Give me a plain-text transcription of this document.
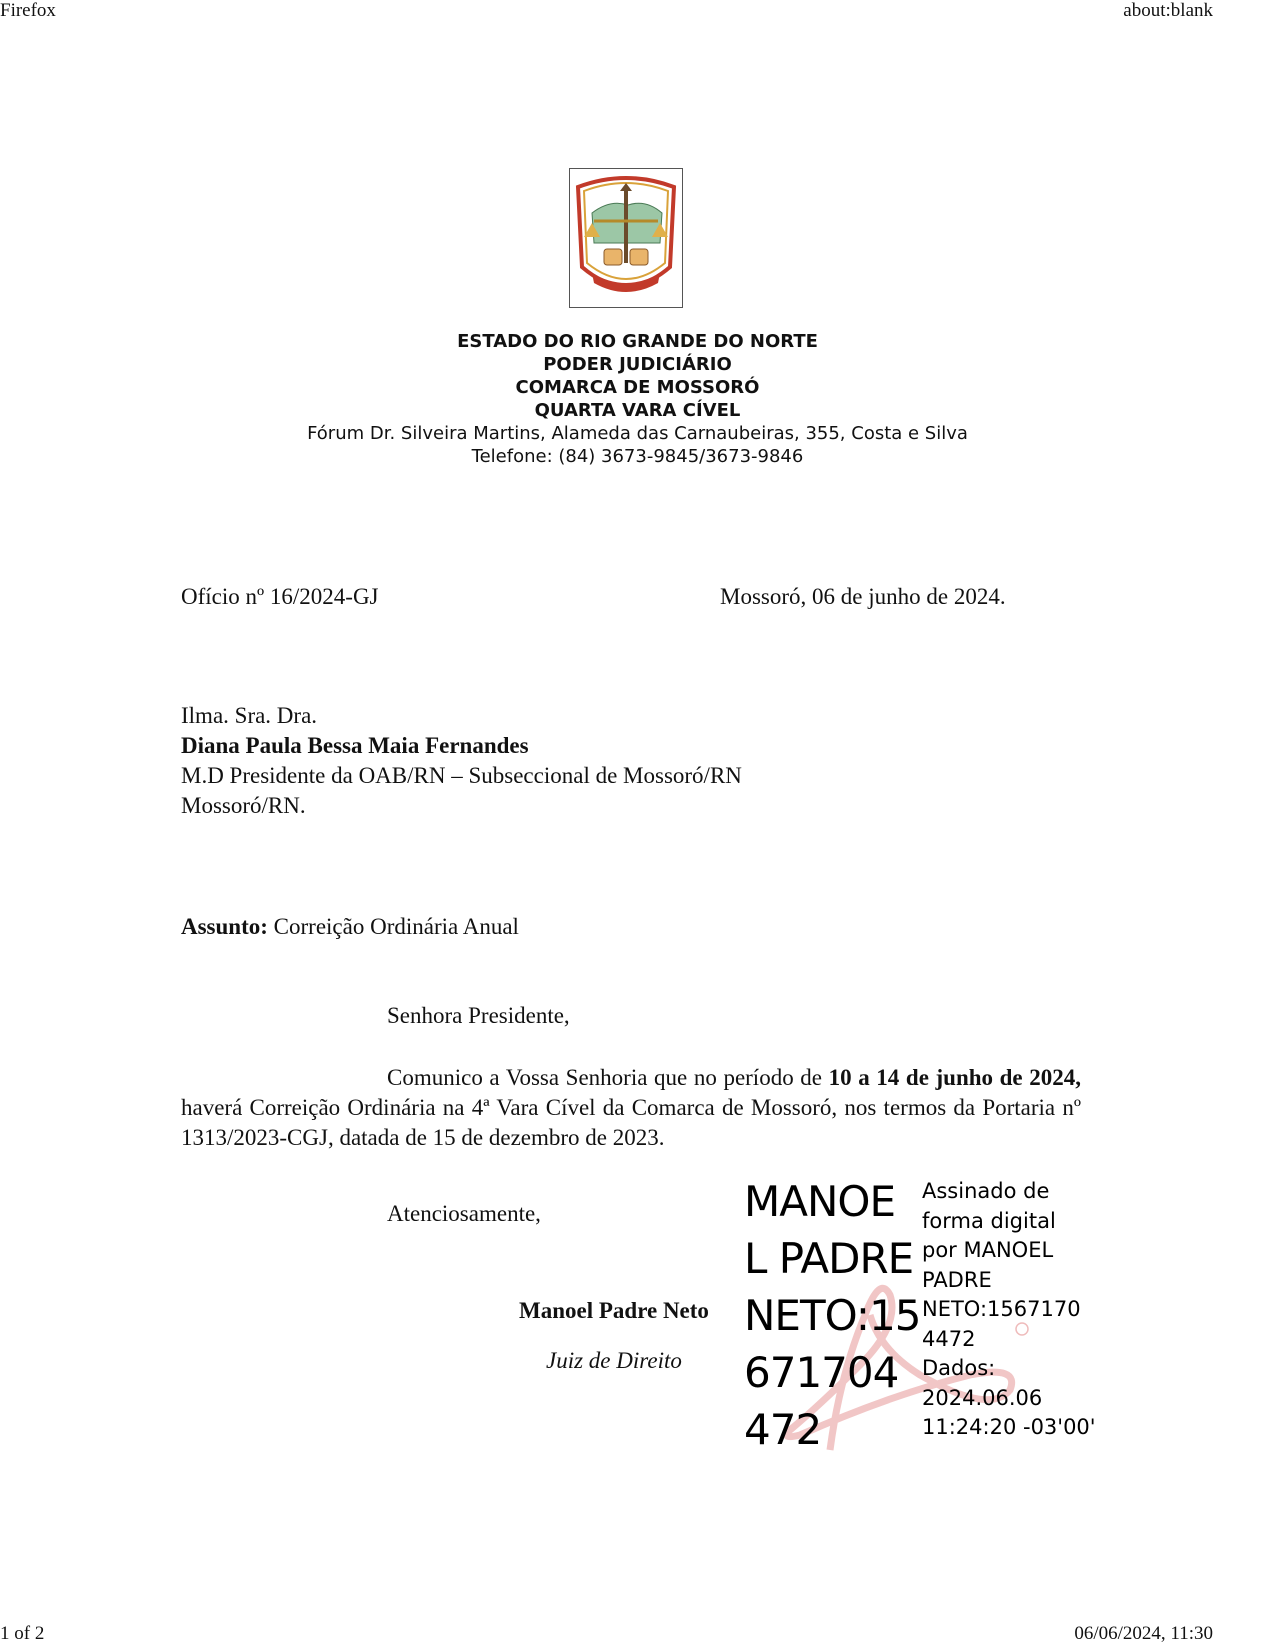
Firefox	about:blank
1 of 2	06/06/2024, 11:30
ESTADO DO RIO GRANDE DO NORTE
PODER JUDICIÁRIO
COMARCA DE MOSSORÓ
QUARTA VARA CÍVEL
Fórum Dr. Silveira Martins, Alameda das Carnaubeiras, 355, Costa e Silva
Telefone: (84) 3673-9845/3673-9846
Ofício nº 16/2024-GJ	Mossoró, 06 de junho de 2024.
Ilma. Sra. Dra.
Diana Paula Bessa Maia Fernandes
M.D Presidente da OAB/RN – Subseccional de Mossoró/RN
Mossoró/RN.
Assunto: Correição Ordinária Anual
Senhora Presidente,
Comunico a Vossa Senhoria que no período de 10 a 14 de junho de 2024, haverá Correição Ordinária na 4ª Vara Cível da Comarca de Mossoró, nos termos da Portaria nº 1313/2023-CGJ, datada de 15 de dezembro de 2023.
Atenciosamente,
Manoel Padre Neto
Juiz de Direito
MANOE
L PADRE
NETO:15
671704
472
Assinado de
forma digital
por MANOEL
PADRE
NETO:1567170
4472
Dados:
2024.06.06
11:24:20 -03'00'
